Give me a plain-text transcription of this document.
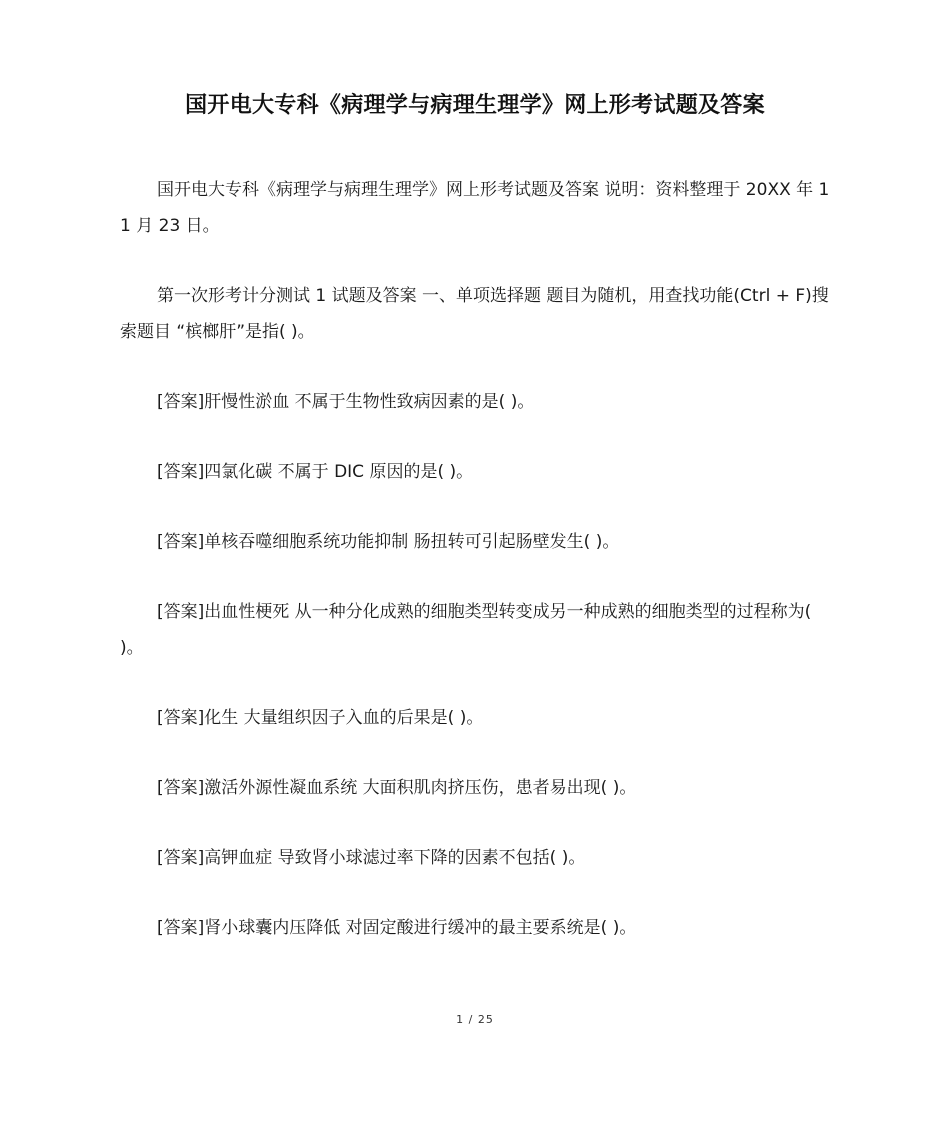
国开电大专科《病理学与病理生理学》网上形考试题及答案

国开电大专科《病理学与病理生理学》网上形考试题及答案 说明：资料整理于 20XX 年 11 月 23 日。

第一次形考计分测试 1 试题及答案 一、单项选择题 题目为随机，用查找功能(Ctrl + F)搜索题目 “槟榔肝”是指( )。

[答案]肝慢性淤血 不属于生物性致病因素的是( )。

[答案]四氯化碳 不属于 DIC 原因的是( )。

[答案]单核吞噬细胞系统功能抑制 肠扭转可引起肠壁发生( )。

[答案]出血性梗死 从一种分化成熟的细胞类型转变成另一种成熟的细胞类型的过程称为( )。

[答案]化生 大量组织因子入血的后果是( )。

[答案]激活外源性凝血系统 大面积肌肉挤压伤，患者易出现( )。

[答案]高钾血症 导致肾小球滤过率下降的因素不包括( )。

[答案]肾小球囊内压降低 对固定酸进行缓冲的最主要系统是( )。

1 / 25
